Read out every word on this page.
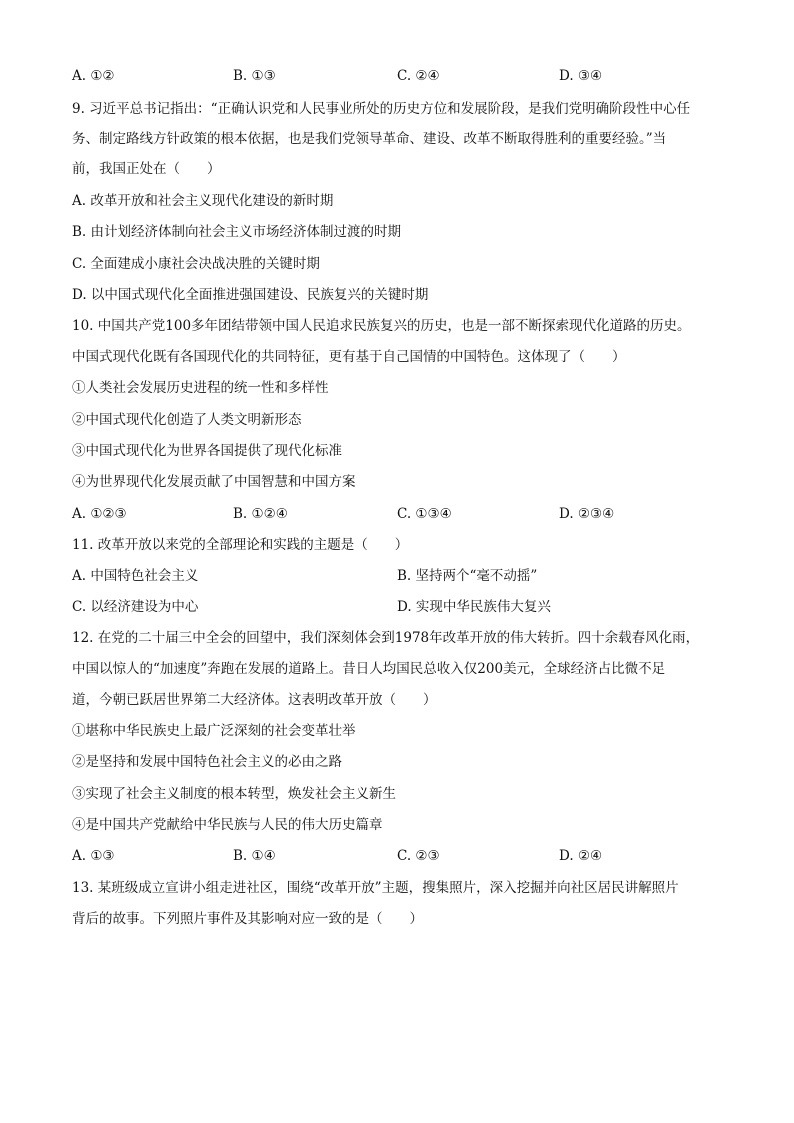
A. ①②	B. ①③	C. ②④	D. ③④
9. 习近平总书记指出：“正确认识党和人民事业所处的历史方位和发展阶段，是我们党明确阶段性中心任
务、制定路线方针政策的根本依据，也是我们党领导革命、建设、改革不断取得胜利的重要经验。”当
前，我国正处在（　　）
A. 改革开放和社会主义现代化建设的新时期
B. 由计划经济体制向社会主义市场经济体制过渡的时期
C. 全面建成小康社会决战决胜的关键时期
D. 以中国式现代化全面推进强国建设、民族复兴的关键时期
10. 中国共产党100多年团结带领中国人民追求民族复兴的历史，也是一部不断探索现代化道路的历史。
中国式现代化既有各国现代化的共同特征，更有基于自己国情的中国特色。这体现了（　　）
①人类社会发展历史进程的统一性和多样性
②中国式现代化创造了人类文明新形态
③中国式现代化为世界各国提供了现代化标准
④为世界现代化发展贡献了中国智慧和中国方案
A. ①②③	B. ①②④	C. ①③④	D. ②③④
11. 改革开放以来党的全部理论和实践的主题是（　　）
A. 中国特色社会主义	B. 坚持两个“毫不动摇”
C. 以经济建设为中心	D. 实现中华民族伟大复兴
12. 在党的二十届三中全会的回望中，我们深刻体会到1978年改革开放的伟大转折。四十余载春风化雨，
中国以惊人的“加速度”奔跑在发展的道路上。昔日人均国民总收入仅200美元，全球经济占比微不足
道，今朝已跃居世界第二大经济体。这表明改革开放（　　）
①堪称中华民族史上最广泛深刻的社会变革壮举
②是坚持和发展中国特色社会主义的必由之路
③实现了社会主义制度的根本转型，焕发社会主义新生
④是中国共产党献给中华民族与人民的伟大历史篇章
A. ①③	B. ①④	C. ②③	D. ②④
13. 某班级成立宣讲小组走进社区，围绕“改革开放”主题，搜集照片，深入挖掘并向社区居民讲解照片
背后的故事。下列照片事件及其影响对应一致的是（　　）
